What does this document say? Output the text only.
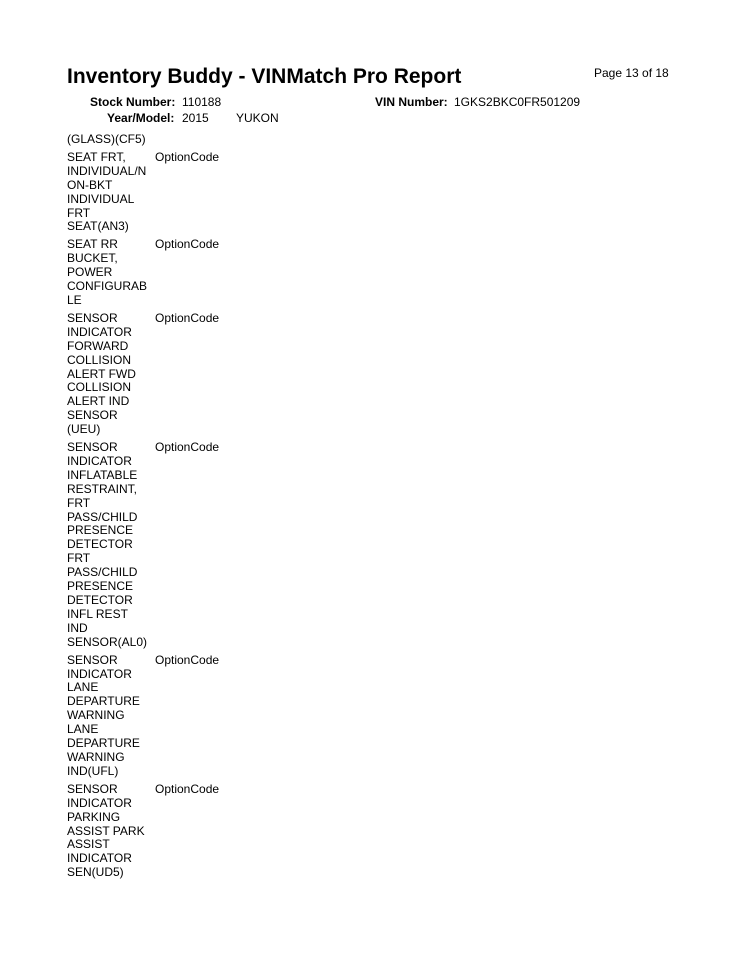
Page 13 of 18
Inventory Buddy - VINMatch Pro Report
Stock Number: 110188	VIN Number: 1GKS2BKC0FR501209
Year/Model: 2015 YUKON
(GLASS)(CF5)
SEAT FRT,
INDIVIDUAL/N
ON-BKT
INDIVIDUAL
FRT
SEAT(AN3)
OptionCode
SEAT RR
BUCKET,
POWER
CONFIGURAB
LE
OptionCode
SENSOR
INDICATOR
FORWARD
COLLISION
ALERT FWD
COLLISION
ALERT IND
SENSOR
(UEU)
OptionCode
SENSOR
INDICATOR
INFLATABLE
RESTRAINT,
FRT
PASS/CHILD
PRESENCE
DETECTOR
FRT
PASS/CHILD
PRESENCE
DETECTOR
INFL REST
IND
SENSOR(AL0)
OptionCode
SENSOR
INDICATOR
LANE
DEPARTURE
WARNING
LANE
DEPARTURE
WARNING
IND(UFL)
OptionCode
SENSOR
INDICATOR
PARKING
ASSIST PARK
ASSIST
INDICATOR
SEN(UD5)
OptionCode
